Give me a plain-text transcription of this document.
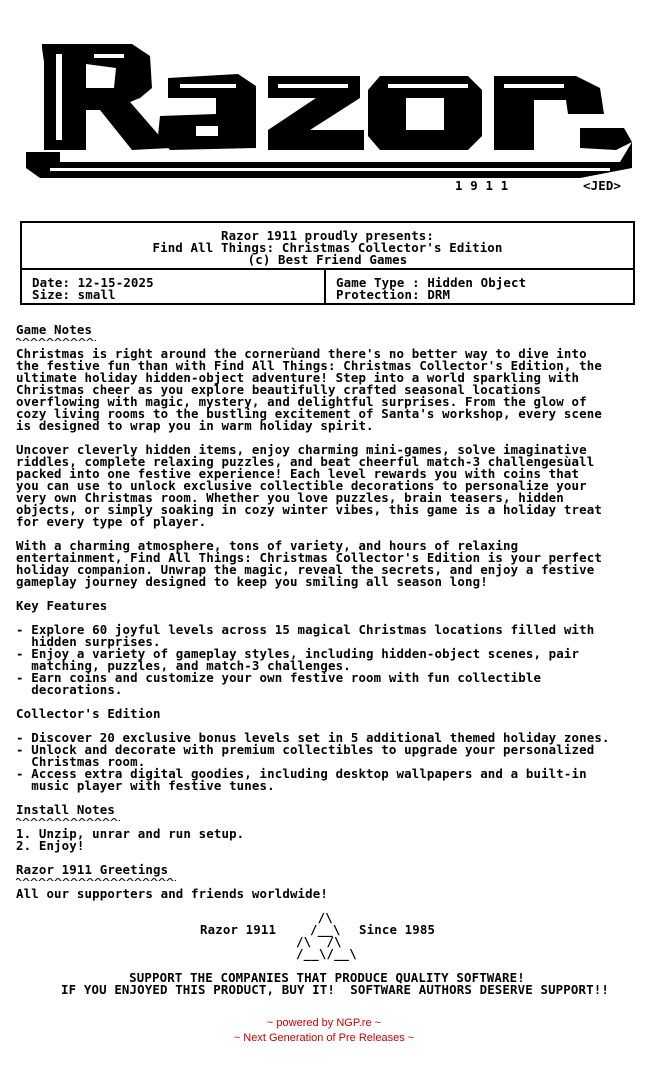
1 9 1 1	<JED>
Razor 1911 proudly presents:
Find All Things: Christmas Collector's Edition
(c) Best Friend Games
Date: 12-15-2025
Size: small
Game Type : Hidden Object
Protection: DRM
Game Notes
Christmas is right around the cornerùand there's no better way to dive into
the festive fun than with Find All Things: Christmas Collector's Edition, the
ultimate holiday hidden-object adventure! Step into a world sparkling with
Christmas cheer as you explore beautifully crafted seasonal locations
overflowing with magic, mystery, and delightful surprises. From the glow of
cozy living rooms to the bustling excitement of Santa's workshop, every scene
is designed to wrap you in warm holiday spirit.
Uncover cleverly hidden items, enjoy charming mini-games, solve imaginative
riddles, complete relaxing puzzles, and beat cheerful match-3 challengesùall
packed into one festive experience! Each level rewards you with coins that
you can use to unlock exclusive collectible decorations to personalize your
very own Christmas room. Whether you love puzzles, brain teasers, hidden
objects, or simply soaking in cozy winter vibes, this game is a holiday treat
for every type of player.
With a charming atmosphere, tons of variety, and hours of relaxing
entertainment, Find All Things: Christmas Collector's Edition is your perfect
holiday companion. Unwrap the magic, reveal the secrets, and enjoy a festive
gameplay journey designed to keep you smiling all season long!
Key Features
- Explore 60 joyful levels across 15 magical Christmas locations filled with
hidden surprises.
- Enjoy a variety of gameplay styles, including hidden-object scenes, pair
matching, puzzles, and match-3 challenges.
- Earn coins and customize your own festive room with fun collectible
decorations.
Collector's Edition
- Discover 20 exclusive bonus levels set in 5 additional themed holiday zones.
- Unlock and decorate with premium collectibles to upgrade your personalized
Christmas room.
- Access extra digital goodies, including desktop wallpapers and a built-in
music player with festive tunes.
Install Notes
1. Unzip, unrar and run setup.
2. Enjoy!
Razor 1911 Greetings
All our supporters and friends worldwide!
Razor 1911	Since 1985
/\
/__\
/\  /\
/__\/__\
SUPPORT THE COMPANIES THAT PRODUCE QUALITY SOFTWARE!
IF YOU ENJOYED THIS PRODUCT, BUY IT!  SOFTWARE AUTHORS DESERVE SUPPORT!!
~ powered by NGP.re ~
~ Next Generation of Pre Releases ~
